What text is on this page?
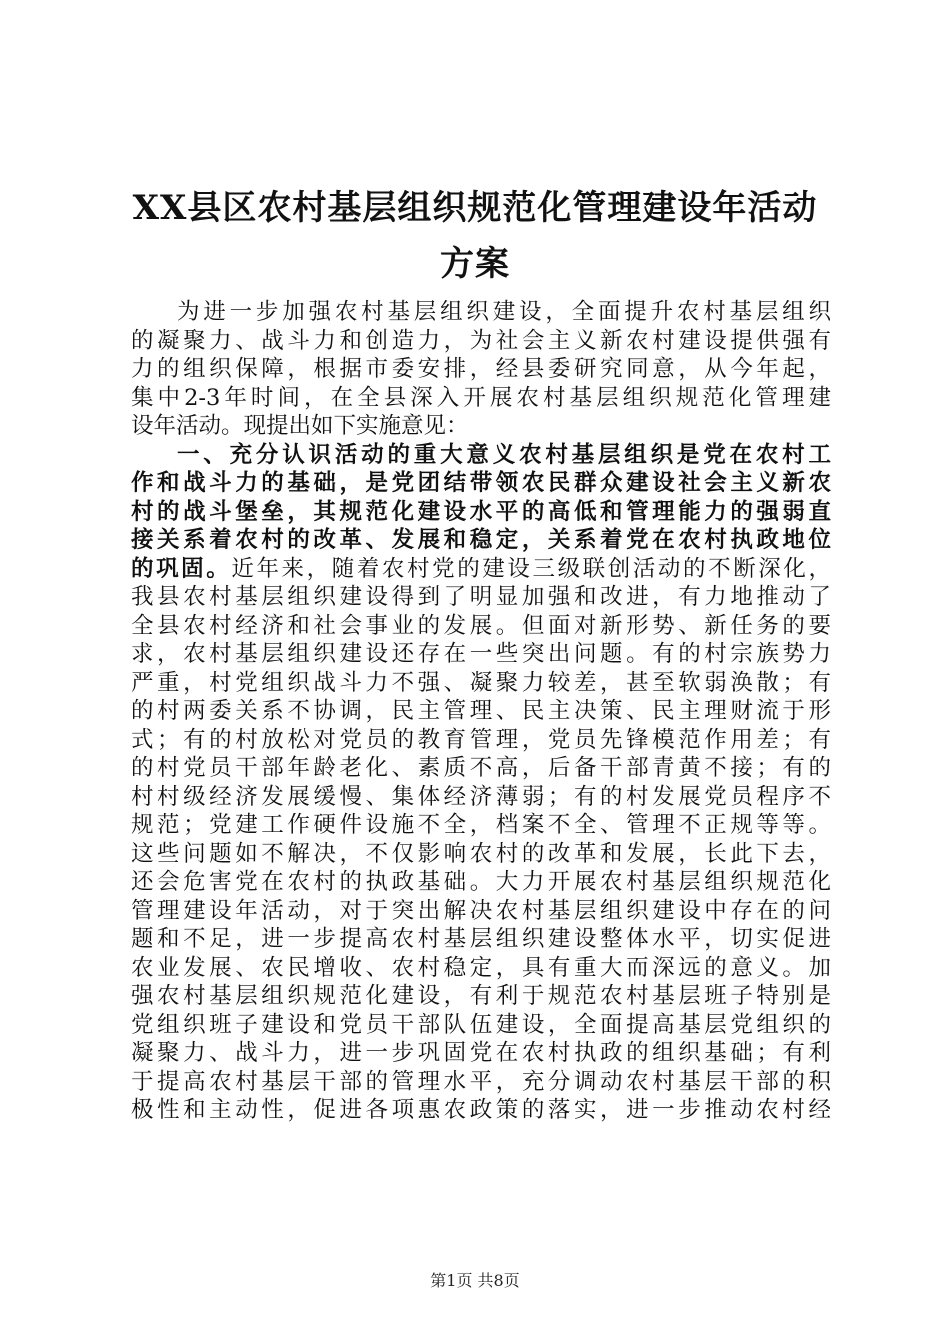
XX县区农村基层组织规范化管理建设年活动
方案
为进一步加强农村基层组织建设，全面提升农村基层组织
的凝聚力、战斗力和创造力，为社会主义新农村建设提供强有
力的组织保障，根据市委安排，经县委研究同意，从今年起，
集中2-3年时间，在全县深入开展农村基层组织规范化管理建
设年活动。现提出如下实施意见：
一、充分认识活动的重大意义农村基层组织是党在农村工
作和战斗力的基础，是党团结带领农民群众建设社会主义新农
村的战斗堡垒，其规范化建设水平的高低和管理能力的强弱直
接关系着农村的改革、发展和稳定，关系着党在农村执政地位
的巩固。近年来，随着农村党的建设三级联创活动的不断深化，
我县农村基层组织建设得到了明显加强和改进，有力地推动了
全县农村经济和社会事业的发展。但面对新形势、新任务的要
求，农村基层组织建设还存在一些突出问题。有的村宗族势力
严重，村党组织战斗力不强、凝聚力较差，甚至软弱涣散；有
的村两委关系不协调，民主管理、民主决策、民主理财流于形
式；有的村放松对党员的教育管理，党员先锋模范作用差；有
的村党员干部年龄老化、素质不高，后备干部青黄不接；有的
村村级经济发展缓慢、集体经济薄弱；有的村发展党员程序不
规范；党建工作硬件设施不全，档案不全、管理不正规等等。
这些问题如不解决，不仅影响农村的改革和发展，长此下去，
还会危害党在农村的执政基础。大力开展农村基层组织规范化
管理建设年活动，对于突出解决农村基层组织建设中存在的问
题和不足，进一步提高农村基层组织建设整体水平，切实促进
农业发展、农民增收、农村稳定，具有重大而深远的意义。加
强农村基层组织规范化建设，有利于规范农村基层班子特别是
党组织班子建设和党员干部队伍建设，全面提高基层党组织的
凝聚力、战斗力，进一步巩固党在农村执政的组织基础；有利
于提高农村基层干部的管理水平，充分调动农村基层干部的积
极性和主动性，促进各项惠农政策的落实，进一步推动农村经
第1页 共8页
